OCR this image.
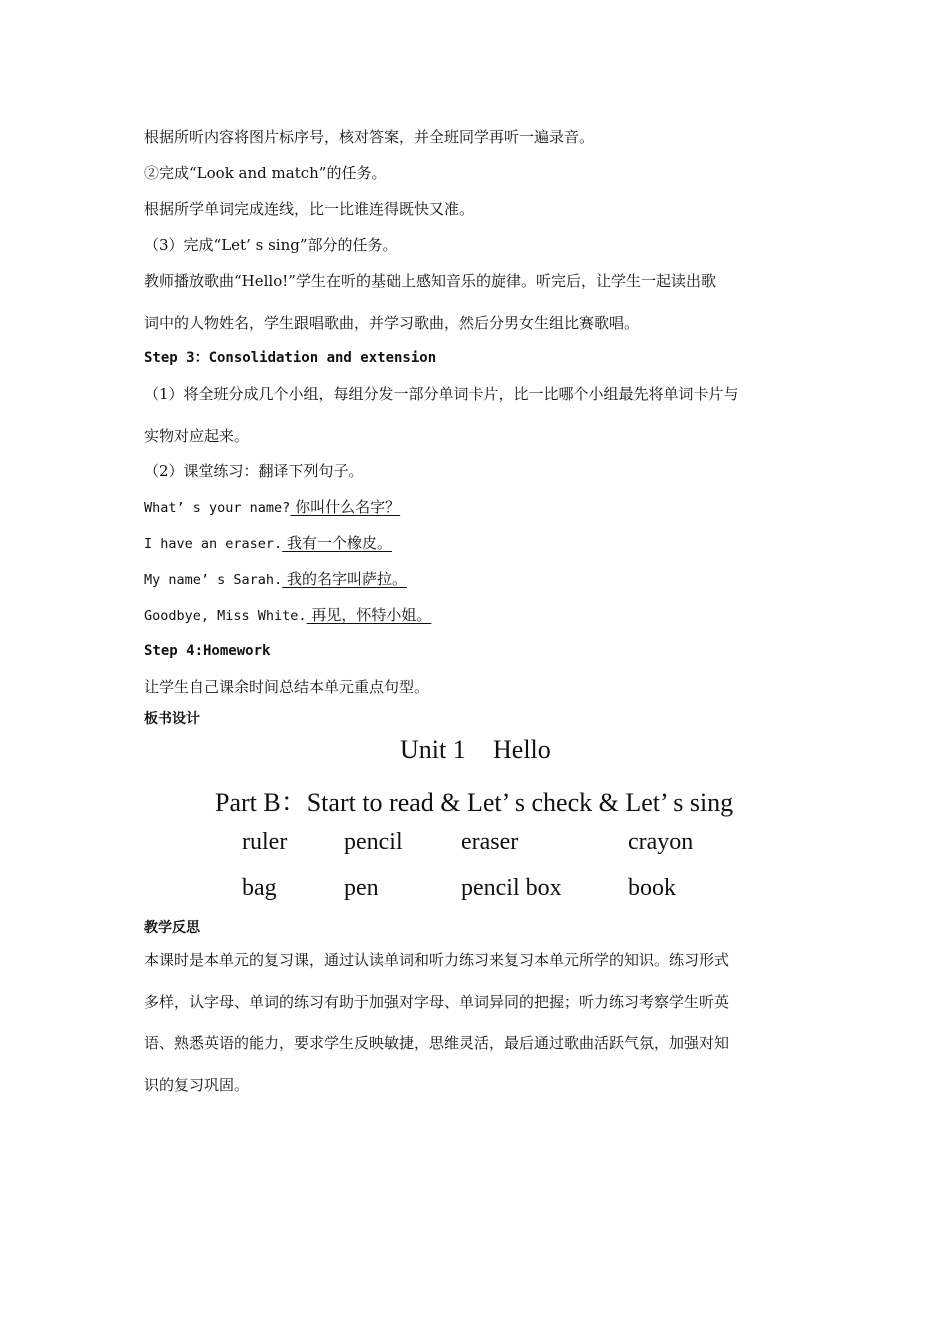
根据所听内容将图片标序号，核对答案，并全班同学再听一遍录音。
②完成“Look and match”的任务。
根据所学单词完成连线，比一比谁连得既快又准。
（3）完成“Let’ s sing”部分的任务。
教师播放歌曲“Hello!”学生在听的基础上感知音乐的旋律。听完后，让学生一起读出歌
词中的人物姓名，学生跟唱歌曲，并学习歌曲，然后分男女生组比赛歌唱。
Step 3：Consolidation and extension
（1）将全班分成几个小组，每组分发一部分单词卡片，比一比哪个小组最先将单词卡片与
实物对应起来。
（2）课堂练习：翻译下列句子。
What’ s your name? 你叫什么名字？
I have an eraser. 我有一个橡皮。
My name’ s Sarah. 我的名字叫萨拉。
Goodbye, Miss White. 再见，怀特小姐。
Step 4:Homework
让学生自己课余时间总结本单元重点句型。
板书设计
Unit 1 Hello
Part B：Start to read & Let’ s check & Let’ s sing
ruler pencil eraser	crayon
bag	pen	pencil box	book
教学反思
本课时是本单元的复习课，通过认读单词和听力练习来复习本单元所学的知识。练习形式
多样，认字母、单词的练习有助于加强对字母、单词异同的把握；听力练习考察学生听英
语、熟悉英语的能力，要求学生反映敏捷，思维灵活，最后通过歌曲活跃气氛，加强对知
识的复习巩固。
